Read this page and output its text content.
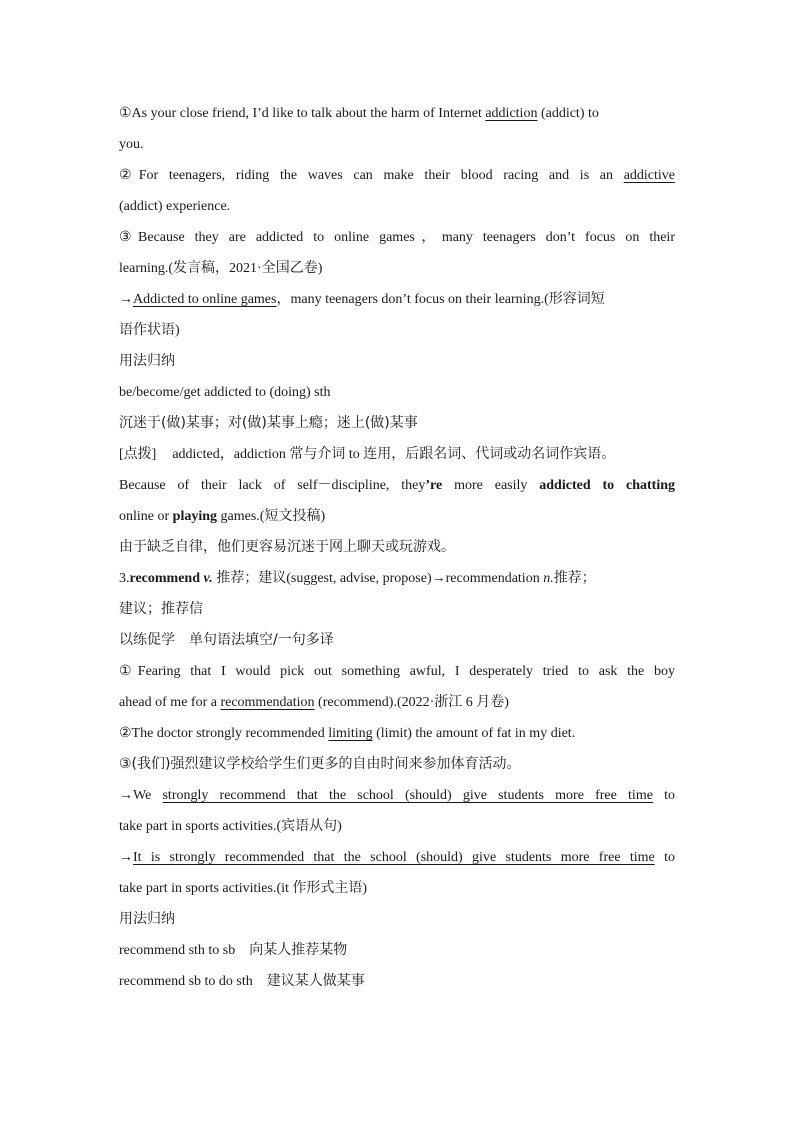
①As your close friend, I’d like to talk about the harm of Internet addiction (addict) to
you.
②For teenagers, riding the waves can make their blood racing and is an addictive
(addict) experience.
③Because they are addicted to online games，many teenagers don’t focus on their
learning.(发言稿，2021·全国乙卷)
→Addicted to online games，many teenagers don’t focus on their learning.(形容词短
语作状语)
用法归纳
be/become/get addicted to (doing) sth
沉迷于(做)某事；对(做)某事上瘾；迷上(做)某事
[点拨] addicted，addiction 常与介词 to 连用，后跟名词、代词或动名词作宾语。
Because of their lack of self－discipline, they’re more easily addicted to chatting
online or playing games.(短文投稿)
由于缺乏自律，他们更容易沉迷于网上聊天或玩游戏。
3.recommend v. 推荐；建议(suggest, advise, propose)→recommendation n.推荐；
建议；推荐信
以练促学 单句语法填空/一句多译
①Fearing that I would pick out something awful, I desperately tried to ask the boy
ahead of me for a recommendation (recommend).(2022·浙江 6 月卷)
②The doctor strongly recommended limiting (limit) the amount of fat in my diet.
③(我们)强烈建议学校给学生们更多的自由时间来参加体育活动。
→We strongly recommend that the school (should) give students more free time to
take part in sports activities.(宾语从句)
→It is strongly recommended that the school (should) give students more free time to
take part in sports activities.(it 作形式主语)
用法归纳
recommend sth to sb 向某人推荐某物
recommend sb to do sth 建议某人做某事
